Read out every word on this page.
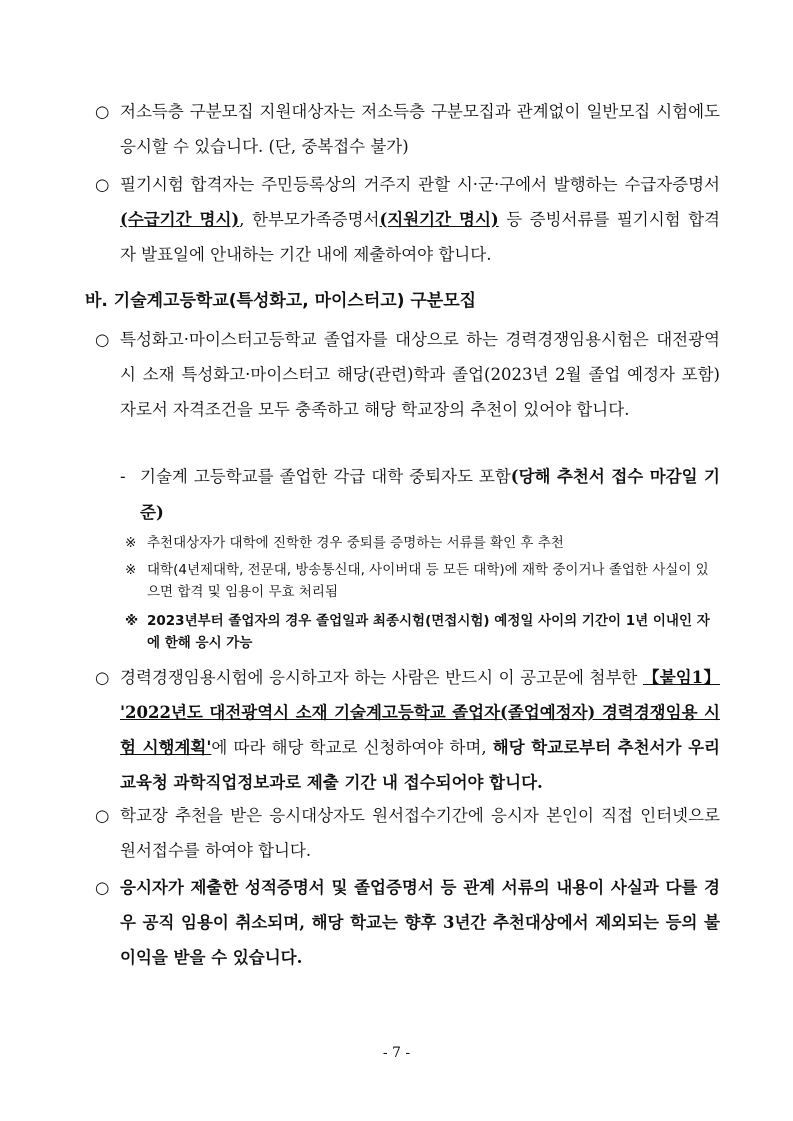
○ 저소득층 구분모집 지원대상자는 저소득층 구분모집과 관계없이 일반모집 시험에도 응시할 수 있습니다. (단, 중복접수 불가)
○ 필기시험 합격자는 주민등록상의 거주지 관할 시·군·구에서 발행하는 수급자증명서(수급기간 명시), 한부모가족증명서(지원기간 명시) 등 증빙서류를 필기시험 합격자 발표일에 안내하는 기간 내에 제출하여야 합니다.
바. 기술계고등학교(특성화고, 마이스터고) 구분모집
○ 특성화고·마이스터고등학교 졸업자를 대상으로 하는 경력경쟁임용시험은 대전광역시 소재 특성화고·마이스터고 해당(관련)학과 졸업(2023년 2월 졸업 예정자 포함)자로서 자격조건을 모두 충족하고 해당 학교장의 추천이 있어야 합니다.
- 기술계 고등학교를 졸업한 각급 대학 중퇴자도 포함(당해 추천서 접수 마감일 기준)
※ 추천대상자가 대학에 진학한 경우 중퇴를 증명하는 서류를 확인 후 추천
※ 대학(4년제대학, 전문대, 방송통신대, 사이버대 등 모든 대학)에 재학 중이거나 졸업한 사실이 있으면 합격 및 임용이 무효 처리됨
※ 2023년부터 졸업자의 경우 졸업일과 최종시험(면접시험) 예정일 사이의 기간이 1년 이내인 자에 한해 응시 가능
○ 경력경쟁임용시험에 응시하고자 하는 사람은 반드시 이 공고문에 첨부한 【붙임1】 '2022년도 대전광역시 소재 기술계고등학교 졸업자(졸업예정자) 경력경쟁임용 시험 시행계획'에 따라 해당 학교로 신청하여야 하며, 해당 학교로부터 추천서가 우리 교육청 과학직업정보과로 제출 기간 내 접수되어야 합니다.
○ 학교장 추천을 받은 응시대상자도 원서접수기간에 응시자 본인이 직접 인터넷으로 원서접수를 하여야 합니다.
○ 응시자가 제출한 성적증명서 및 졸업증명서 등 관계 서류의 내용이 사실과 다를 경우 공직 임용이 취소되며, 해당 학교는 향후 3년간 추천대상에서 제외되는 등의 불이익을 받을 수 있습니다.
- 7 -
